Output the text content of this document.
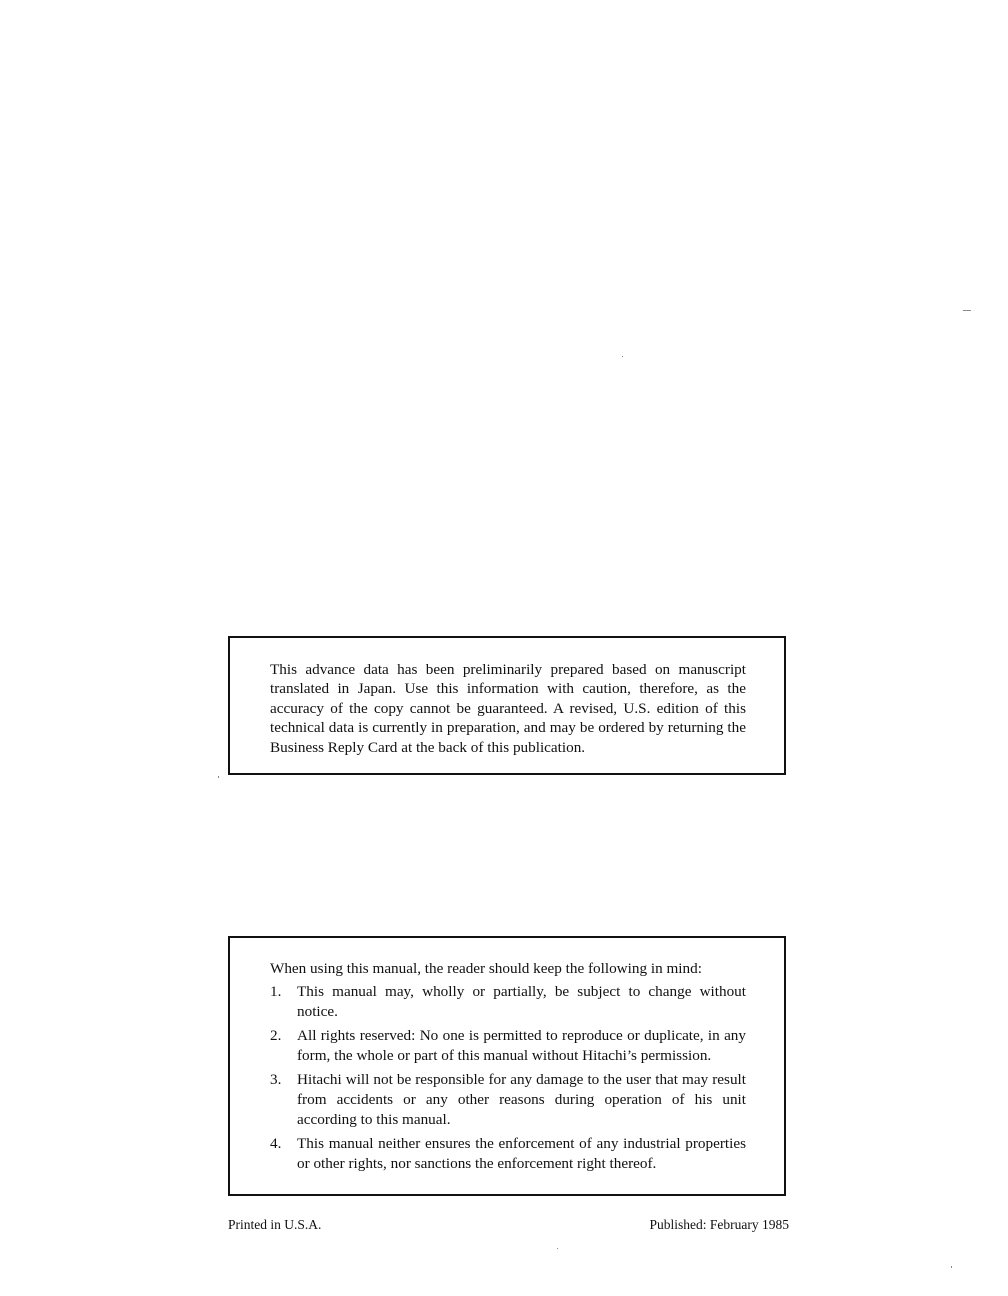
This advance data has been preliminarily prepared based on manuscript translated in Japan. Use this information with caution, therefore, as the accuracy of the copy cannot be guaranteed. A revised, U.S. edition of this technical data is currently in preparation, and may be ordered by returning the Business Reply Card at the back of this publication.

When using this manual, the reader should keep the following in mind:

1. This manual may, wholly or partially, be subject to change without notice.
2. All rights reserved: No one is permitted to reproduce or duplicate, in any form, the whole or part of this manual without Hitachi’s permission.
3. Hitachi will not be responsible for any damage to the user that may result from accidents or any other reasons during operation of his unit according to this manual.
4. This manual neither ensures the enforcement of any industrial properties or other rights, nor sanctions the enforcement right thereof.
Printed in U.S.A.	Published: February 1985
